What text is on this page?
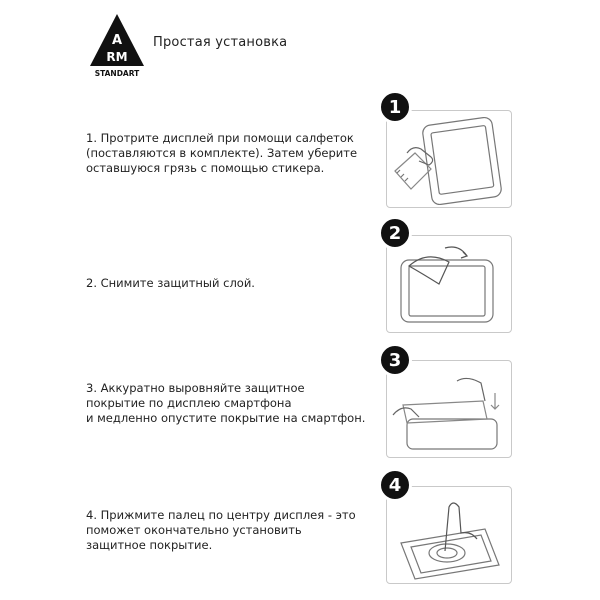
A
RM
STANDART
Простая установка

1. Протрите дисплей при помощи салфеток

(поставляются в комплекте). Затем уберите

оставшуюся грязь с помощью стикера.

1

2. Снимите защитный слой.

2

3. Аккуратно выровняйте защитное

покрытие по дисплею смартфона

и медленно опустите покрытие на смартфон.

3

4. Прижмите палец по центру дисплея - это

поможет окончательно установить

защитное покрытие.

4
